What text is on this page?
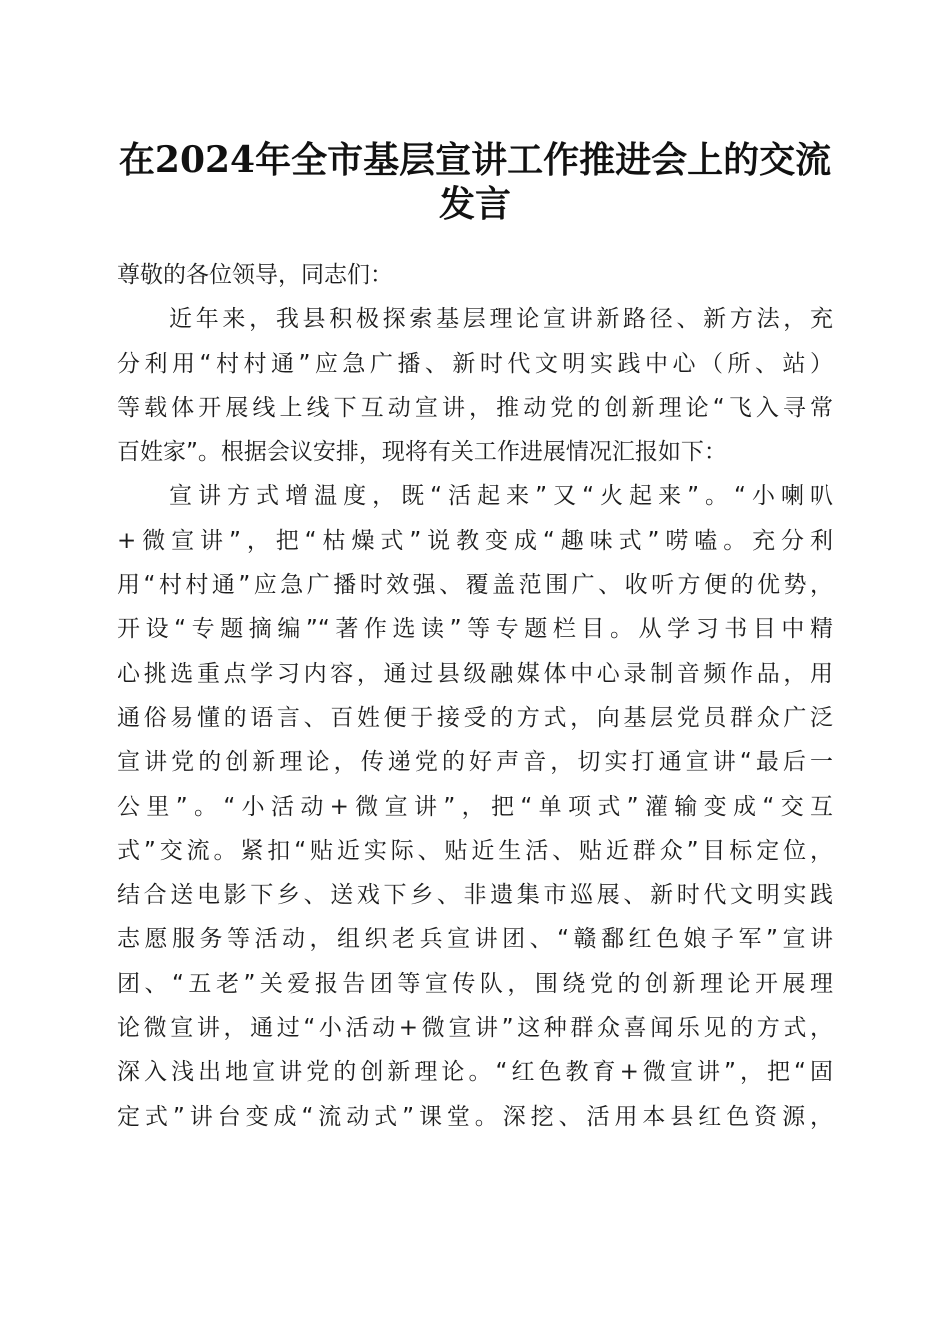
在2024年全市基层宣讲工作推进会上的交流
发言
尊敬的各位领导，同志们：
近年来，我县积极探索基层理论宣讲新路径、新方法，充
分利用“村村通”应急广播、新时代文明实践中心（所、站）
等载体开展线上线下互动宣讲，推动党的创新理论“飞入寻常
百姓家”。根据会议安排，现将有关工作进展情况汇报如下：
宣讲方式增温度，既“活起来”又“火起来”。“小喇叭
+微宣讲”，把“枯燥式”说教变成“趣味式”唠嗑。充分利
用“村村通”应急广播时效强、覆盖范围广、收听方便的优势，
开设“专题摘编”“著作选读”等专题栏目。从学习书目中精
心挑选重点学习内容，通过县级融媒体中心录制音频作品，用
通俗易懂的语言、百姓便于接受的方式，向基层党员群众广泛
宣讲党的创新理论，传递党的好声音，切实打通宣讲“最后一
公里”。“小活动+微宣讲”，把“单项式”灌输变成“交互
式”交流。紧扣“贴近实际、贴近生活、贴近群众”目标定位，
结合送电影下乡、送戏下乡、非遗集市巡展、新时代文明实践
志愿服务等活动，组织老兵宣讲团、“赣鄱红色娘子军”宣讲
团、“五老”关爱报告团等宣传队，围绕党的创新理论开展理
论微宣讲，通过“小活动+微宣讲”这种群众喜闻乐见的方式，
深入浅出地宣讲党的创新理论。“红色教育+微宣讲”，把“固
定式”讲台变成“流动式”课堂。深挖、活用本县红色资源，
